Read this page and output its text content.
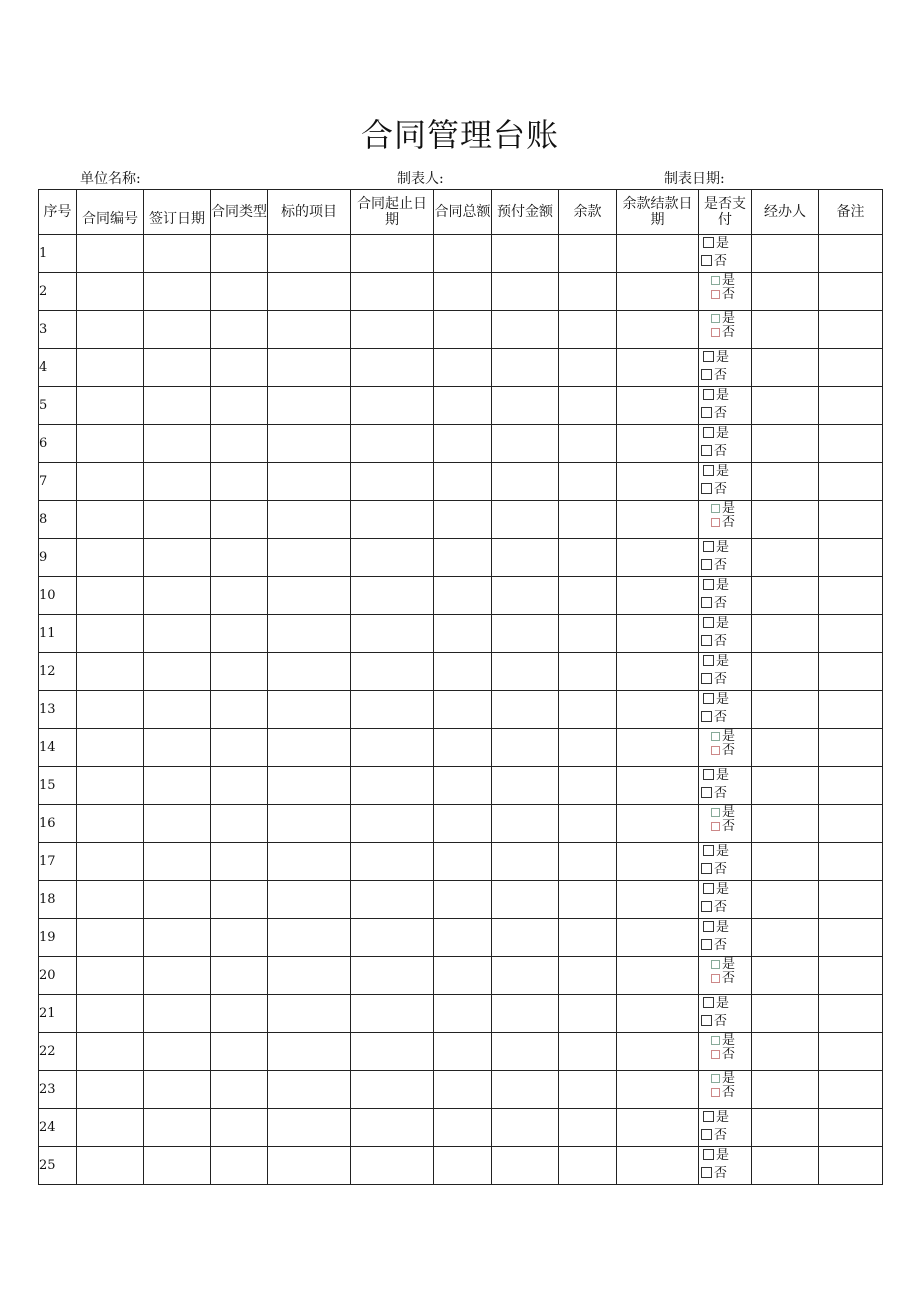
合同管理台账
单位名称:	制表人:	制表日期:
序号	合同编号	签订日期	合同类型	标的项目	合同起止日期	合同总额	预付金额	余款	余款结款日期	是否支付	经办人	备注
1										是
否		

2										是
否		

3										是
否		

4										是
否		

5										是
否		

6										是
否		

7										是
否		

8										是
否		

9										是
否		

10										是
否		

11										是
否		

12										是
否		

13										是
否		

14										是
否		

15										是
否		

16										是
否		

17										是
否		

18										是
否		

19										是
否		

20										是
否		

21										是
否		

22										是
否		

23										是
否		

24										是
否		

25										是
否		
